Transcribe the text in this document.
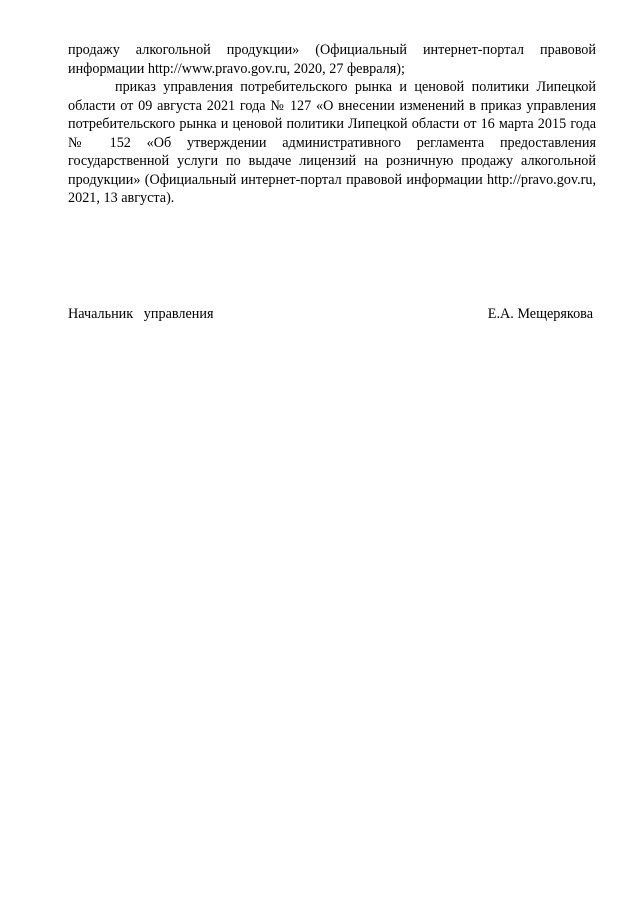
продажу алкогольной продукции» (Официальный интернет-портал правовой информации http://www.pravo.gov.ru, 2020, 27 февраля);

приказ управления потребительского рынка и ценовой политики Липецкой области от 09 августа 2021 года № 127 «О внесении изменений в приказ управления потребительского рынка и ценовой политики Липецкой области от 16 марта 2015 года № 152 «Об утверждении административного регламента предоставления государственной услуги по выдаче лицензий на розничную продажу алкогольной продукции» (Официальный интернет-портал правовой информации http://pravo.gov.ru, 2021, 13 августа).

Начальник   управления	Е.А. Мещерякова
